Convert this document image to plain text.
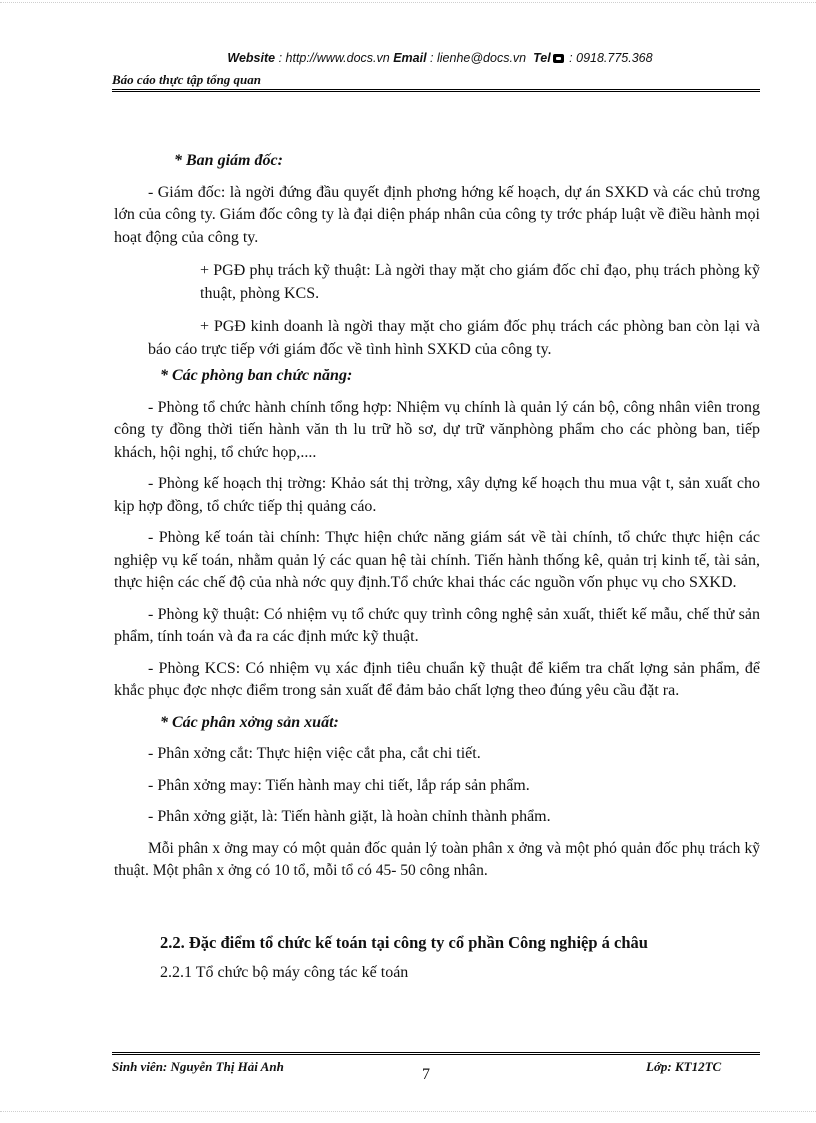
Website : http://www.docs.vn Email : lienhe@docs.vn Tel : 0918.775.368
Báo cáo thực tập tổng quan

* Ban giám đốc:

- Giám đốc: là ngời đứng đầu quyết định phơng hớng kế hoạch, dự án SXKD và các chủ trơng lớn của công ty. Giám đốc công ty là đại diện pháp nhân của công ty trớc pháp luật về điều hành mọi hoạt động của công ty.

+ PGĐ phụ trách kỹ thuật: Là ngời thay mặt cho giám đốc chỉ đạo, phụ trách phòng kỹ thuật, phòng KCS.

+ PGĐ kinh doanh là ngời thay mặt cho giám đốc phụ trách các phòng ban còn lại và báo cáo trực tiếp với giám đốc về tình hình SXKD của công ty.

* Các phòng ban chức năng:

- Phòng tổ chức hành chính tổng hợp: Nhiệm vụ chính là quản lý cán bộ, công nhân viên trong công ty đồng thời tiến hành văn th lu trữ hồ sơ, dự trữ vănphòng phẩm cho các phòng ban, tiếp khách, hội nghị, tổ chức họp,....

- Phòng kế hoạch thị trờng: Khảo sát thị trờng, xây dựng kế hoạch thu mua vật t, sản xuất cho kịp hợp đồng, tổ chức tiếp thị quảng cáo.

- Phòng kế toán tài chính: Thực hiện chức năng giám sát về tài chính, tổ chức thực hiện các nghiệp vụ kế toán, nhằm quản lý các quan hệ tài chính. Tiến hành thống kê, quản trị kinh tế, tài sản, thực hiện các chế độ của nhà nớc quy định.Tổ chức khai thác các nguồn vốn phục vụ cho SXKD.

- Phòng kỹ thuật: Có nhiệm vụ tổ chức quy trình công nghệ sản xuất, thiết kế mẫu, chế thử sản phẩm, tính toán và đa ra các định mức kỹ thuật.

- Phòng KCS: Có nhiệm vụ xác định tiêu chuẩn kỹ thuật để kiểm tra chất lợng sản phẩm, để khắc phục đợc nhợc điểm trong sản xuất để đảm bảo chất lợng theo đúng yêu cầu đặt ra.

* Các phân xởng sản xuất:

- Phân xởng cắt: Thực hiện việc cắt pha, cắt chi tiết.

- Phân xởng may: Tiến hành may chi tiết, lắp ráp sản phẩm.

- Phân xởng giặt, là: Tiến hành giặt, là hoàn chỉnh thành phẩm.

Mỗi phân x ởng may có một quản đốc quản lý toàn phân x ởng và một phó quản đốc phụ trách kỹ thuật. Một phân x ởng có 10 tổ, mỗi tổ có 45- 50 công nhân.

2.2. Đặc điểm tổ chức kế toán tại công ty cổ phần Công nghiệp á châu

2.2.1 Tổ chức bộ máy công tác kế toán

Sinh viên: Nguyễn Thị Hải Anh	7	Lớp: KT12TC
